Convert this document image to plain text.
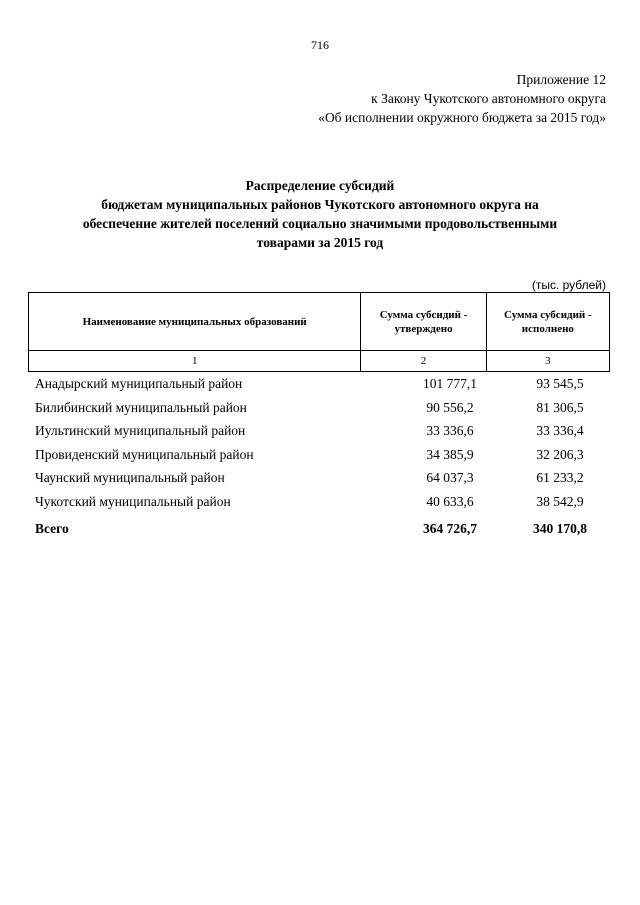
716
Приложение 12
к Закону Чукотского автономного округа
«Об исполнении окружного бюджета за 2015 год»
Распределение субсидий
бюджетам муниципальных районов Чукотского автономного округа на
обеспечение жителей поселений социально значимыми продовольственными
товарами за 2015 год
(тыс. рублей)
Наименование муниципальных образований	Сумма субсидий - утверждено	Сумма субсидий - исполнено
1	2	3
Анадырский муниципальный район	101 777,1	93 545,5
Билибинский муниципальный район	90 556,2	81 306,5
Иультинский муниципальный район	33 336,6	33 336,4
Провиденский муниципальный район	34 385,9	32 206,3
Чаунский муниципальный район	64 037,3	61 233,2
Чукотский муниципальный район	40 633,6	38 542,9
Всего	364 726,7	340 170,8
